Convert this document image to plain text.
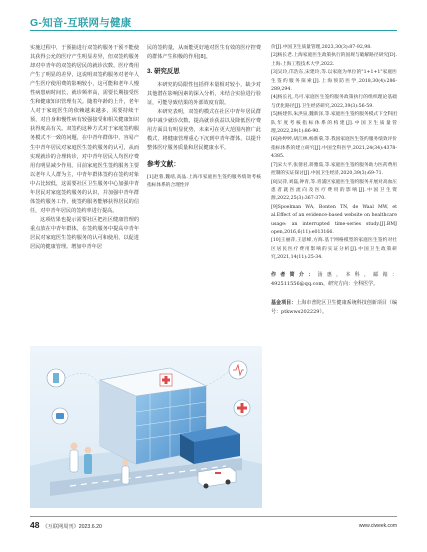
G-知音-互联网与健康

实施过程中，于预抽进行双签约服务干预不能使其获得公允的医疗产生明显差异，但双签约服务却对中青年的双签约居民的就诊次数、医疗费用产生了明显的差异，这说明双签约服务对老年人产生医疗使用费的影响较小，这可能和老年人慢性病患病时间长，就诊频率高，需要长期接受医生和健康知识管理有关。随着年龄的上升，老年人对于家庭医生的依赖越来越多，需要持续干预，对自身和慢性病有较强接受和相关健康知识获得度高有关。双签约这种方式对于家庭签约服务模式不一致的问题，在中青年群体中，容易产生中青年居民对家庭医生签约服务的认可，从而实现就诊的合理转诊，对中青年居民人均医疗费用有明显减少作用。目前家庭医生签约服务主要以老年人人群为主，中青年群体签约在签约对象中占比较低，这需要社区卫生服务中心加强中青年居民对家庭签约服务的认识，并加强中青年群体签约服务工作，使签约服务能够获得居民的信任，对中青年居民的签约率进行提高。

这项结果也提示需要社区把社区健康管理的重点放在中青年群体，在签约服务中提高中青年居民对家庭医生签约服务的认可和使用，以促进居民的健康管理。增加中青年居

民的签约量，从而能更好地对医生有效的医疗控费的群体产生积极的作用[8]。

3. 研究反思

本研究的局限性包括样本量相对较小，缺少对其他潜在影响因素的深入分析，未结合实验进行验证，可能导致结果的外部效度有限。

本研究表明，双签约模式在社区中青年居民群体中减少就诊次数、提高就诊获益以及降低医疗费用方面具有明显优势，未来可在更大范围内推广此模式，将健康管理重心下沉到中青年群体，以提升整体医疗服务质量和居民健康水平。

参考文献：
[1]赵蓉,魏靖,高晶.上海市家庭医生签约服务绩效考核指标体系的合理性评
价[J].中国卫生质量管理,2023,30(3):87-92,98.
[2]杨长老.上海家庭医生政策执行的国规与破解路径研究[D].上海:上海工程技术大学,2022.
[3]吴玲,邝浩东,宋建玲,等.以家庭为单位的"1+1+1"家庭医生签约服务探索[J].上海预防医学,2018,30(4):286-289,294.
[4]杨长礼,乌可.家庭医生签约服务政策执行的组织理论基础与优化路径[J].卫生经济研究,2022,39(3):56-59.
[5]杨建伟,朱洪泉,魏新泽,等.家庭医生签约服务模式下全科团队年度考核指标体系的构建[J].中国卫生质量管理,2022,29(1):86-90.
[6]孙婷婷,胡江林,杨新菊,等.我国家庭医生签约服务绩效评价指标体系的建立研究[J].中国全科医学,2021,24(34):4378-4385.
[7]宋大平,张倩君,蒋雅茹,等.家庭医生签约服务助力医药费用控制的实证探讨[J].中国卫生经济,2020,39(3):69-71.
[8]吴萍,刘磊,钟青,等.青浦区家庭医生签约服务开展对高血压患者就医流向及医疗费用的影响[J].中国卫生资源,2022,25(3):367-370.
[9]Spoelman WA, Bonten TN, de Waal MW, et al.Effect of an evidence-based website on healthcare usage: an interrupted time-series study.[J].BMJ open,2016,6(11):e013166.
[10]王丽萍,王思峰,方海.基于网格模型的家庭医生签约对社区居民医疗费用影响的实证分析[J].中国卫生政策研究,2021,14(11):25-34.
作者简介：汤惠，本科，邮箱：492511556@qq.com，研究方向：全科医学。
基金项目：上海市普陀区卫生健康系统科技创新项目（编号：ptkwws202229）。
48 《互联网周刊》2023.6.20	www.ciweek.com
